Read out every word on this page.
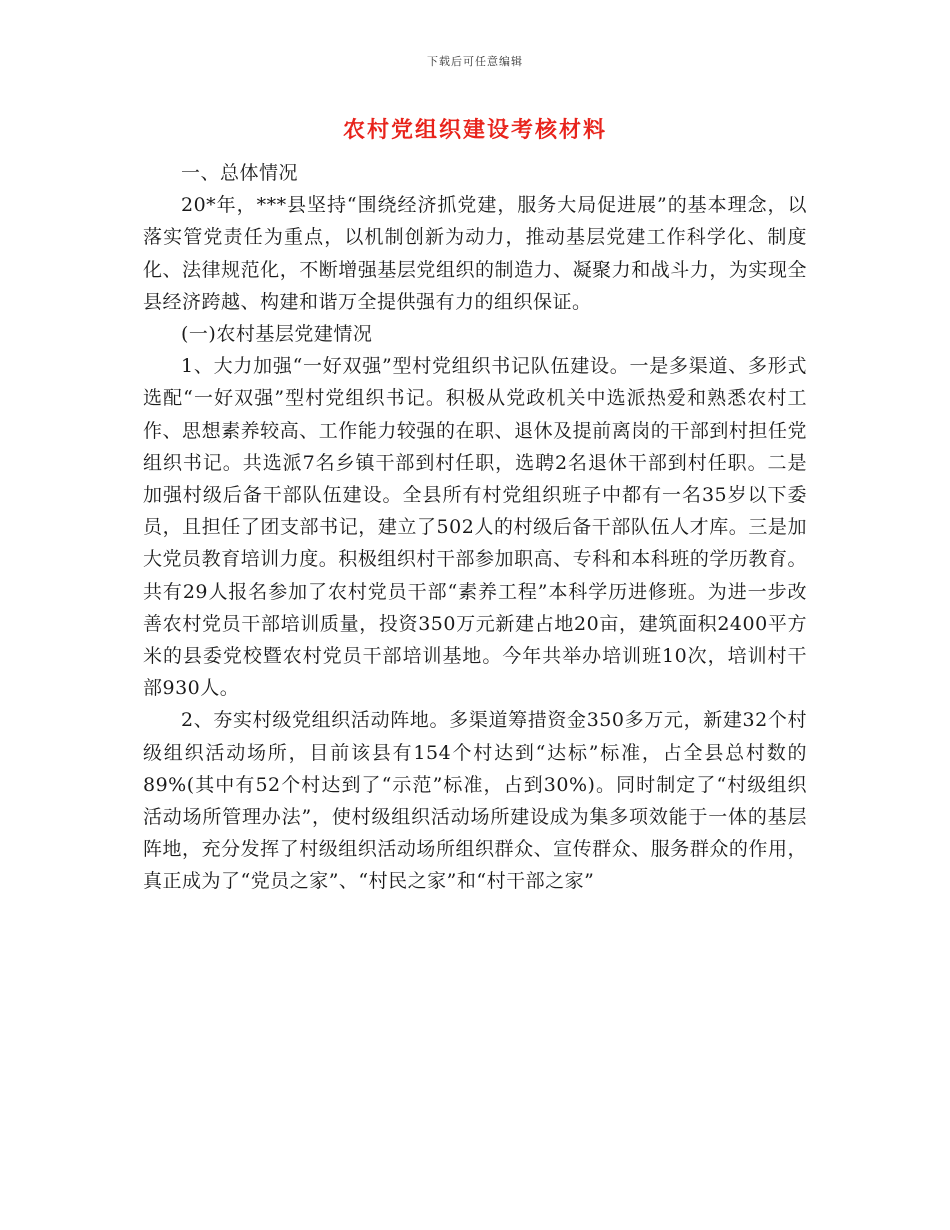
下载后可任意编辑
农村党组织建设考核材料

一、总体情况

20*年，***县坚持“围绕经济抓党建，服务大局促进展”的基本理念，以落实管党责任为重点，以机制创新为动力，推动基层党建工作科学化、制度化、法律规范化，不断增强基层党组织的制造力、凝聚力和战斗力，为实现全县经济跨越、构建和谐万全提供强有力的组织保证。

(一)农村基层党建情况

1、大力加强“一好双强”型村党组织书记队伍建设。一是多渠道、多形式选配“一好双强”型村党组织书记。积极从党政机关中选派热爱和熟悉农村工作、思想素养较高、工作能力较强的在职、退休及提前离岗的干部到村担任党组织书记。共选派7名乡镇干部到村任职，选聘2名退休干部到村任职。二是加强村级后备干部队伍建设。全县所有村党组织班子中都有一名35岁以下委员，且担任了团支部书记，建立了502人的村级后备干部队伍人才库。三是加大党员教育培训力度。积极组织村干部参加职高、专科和本科班的学历教育。共有29人报名参加了农村党员干部“素养工程”本科学历进修班。为进一步改善农村党员干部培训质量，投资350万元新建占地20亩，建筑面积2400平方米的县委党校暨农村党员干部培训基地。今年共举办培训班10次，培训村干部930人。

2、夯实村级党组织活动阵地。多渠道筹措资金350多万元，新建32个村级组织活动场所，目前该县有154个村达到“达标”标准，占全县总村数的89%(其中有52个村达到了“示范”标准，占到30%)。同时制定了“村级组织活动场所管理办法”，使村级组织活动场所建设成为集多项效能于一体的基层阵地，充分发挥了村级组织活动场所组织群众、宣传群众、服务群众的作用，真正成为了“党员之家”、“村民之家”和“村干部之家”
